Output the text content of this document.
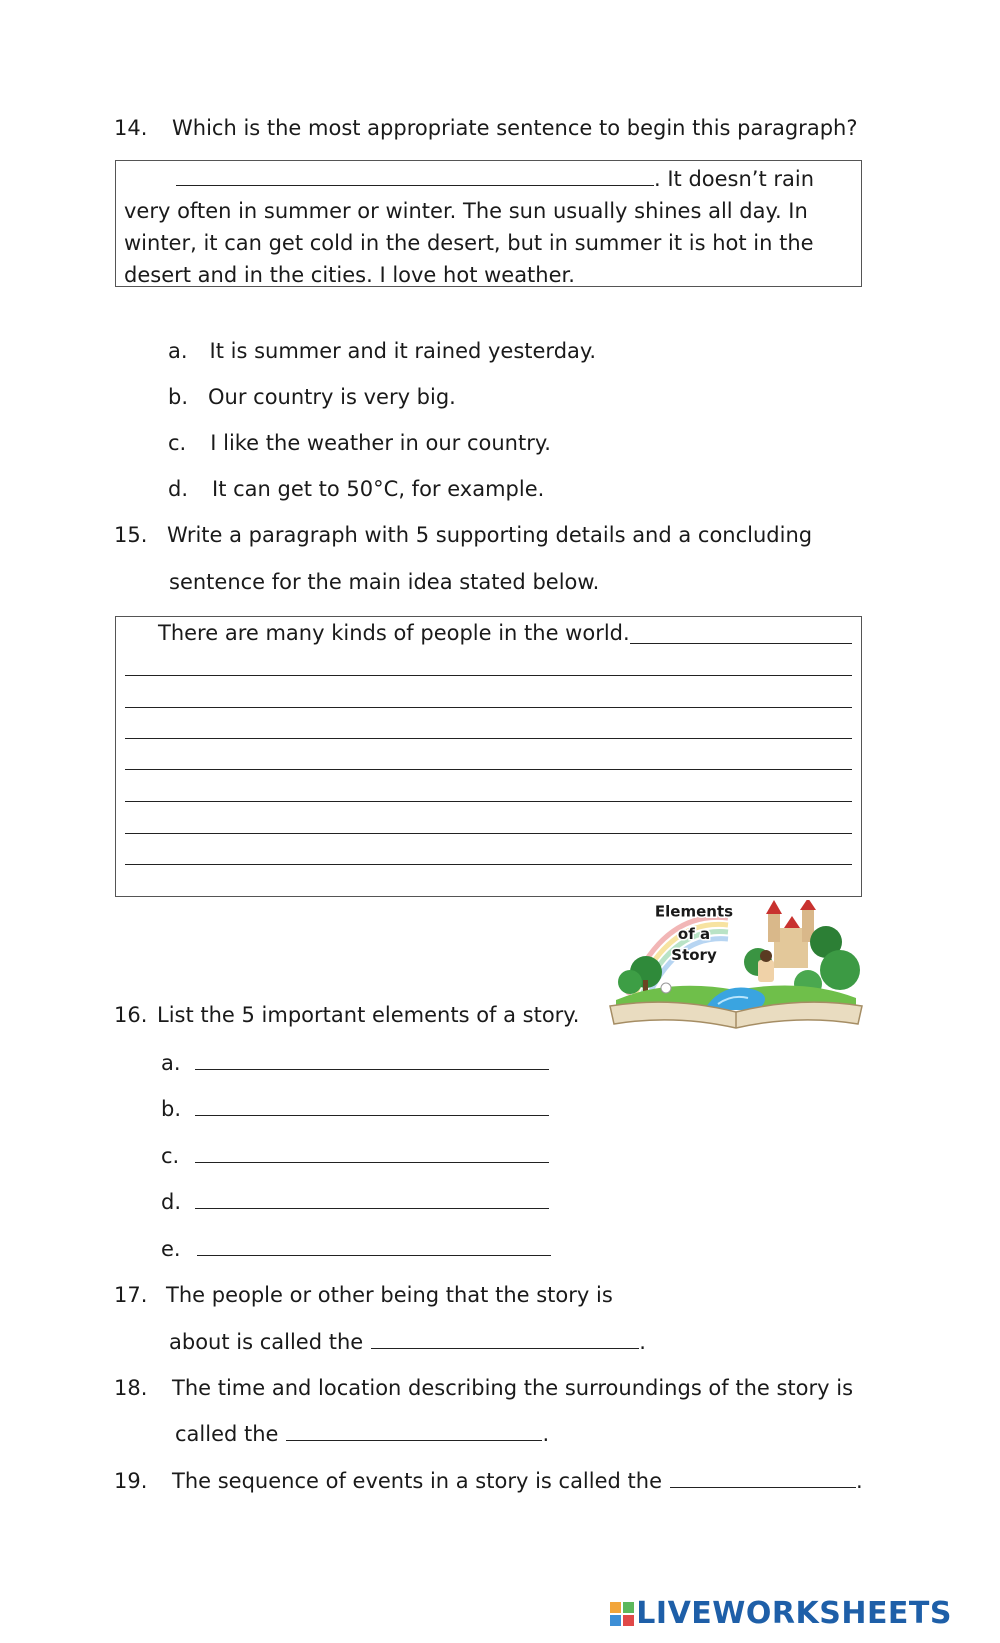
14. Which is the most appropriate sentence to begin this paragraph?
. It doesn’t rain very often in summer or winter. The sun usually shines all day. In winter, it can get cold in the desert, but in summer it is hot in the desert and in the cities. I love hot weather.
a. It is summer and it rained yesterday.
b. Our country is very big.
c. I like the weather in our country.
d. It can get to 50°C, for example.
15. Write a paragraph with 5 supporting details and a concluding
sentence for the main idea stated below.
There are many kinds of people in the world.
Elements
of a
Story
16. List the 5 important elements of a story.
a.
b.
c.
d.
e.
17. The people or other being that the story is
about is called the	.
18. The time and location describing the surroundings of the story is
called the	.
19. The sequence of events in a story is called the	.
LIVEWORKSHEETS
